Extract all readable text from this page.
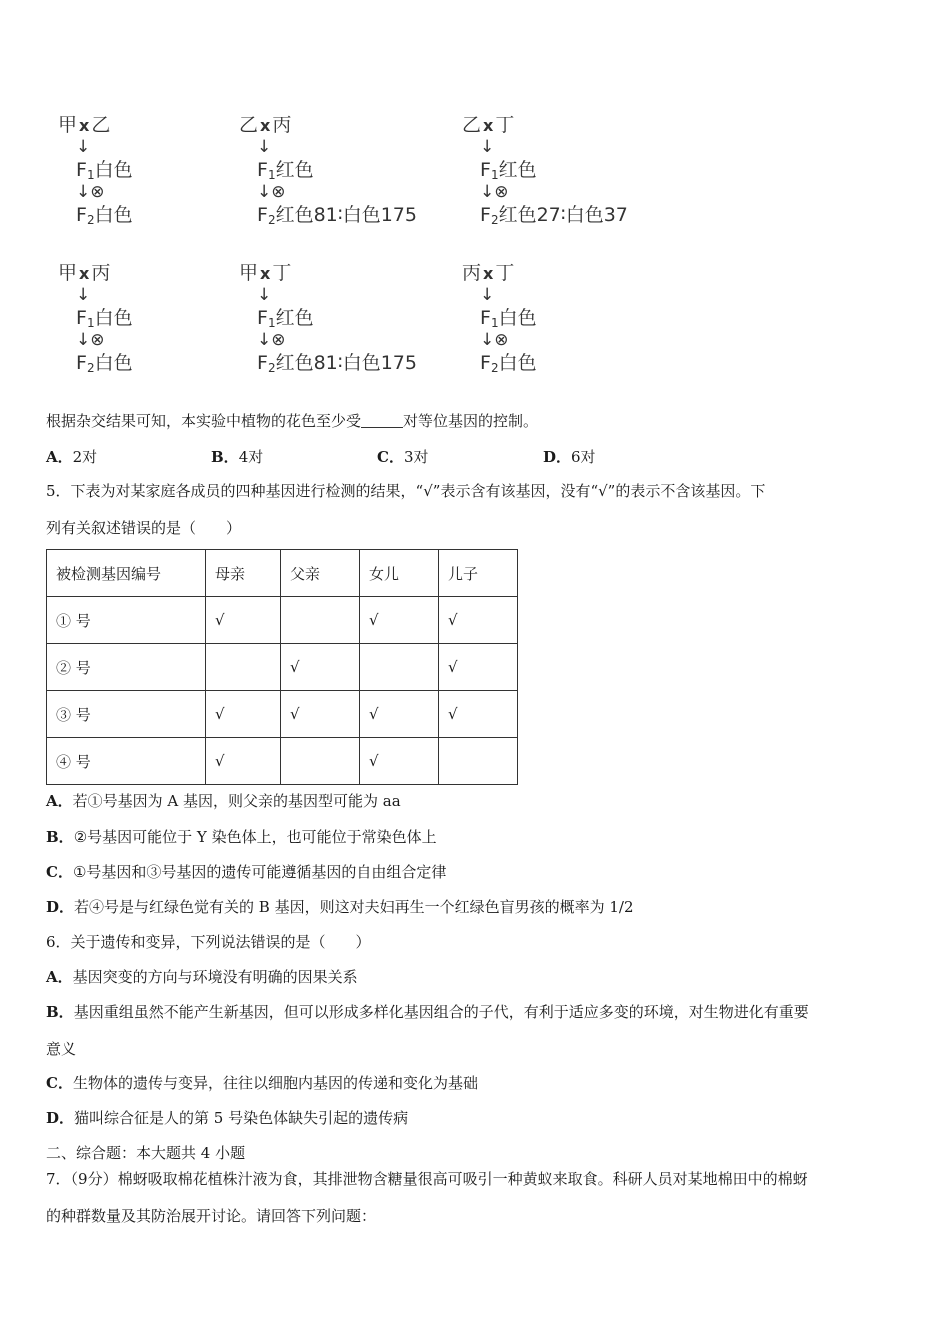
甲 x 乙
↓
$F_1$白色
↓⊗
$F_2$白色
乙 x 丙
↓
$F_1$红色
↓⊗
$F_2$红色81∶白色175
乙 x 丁
↓
$F_1$红色
↓⊗
$F_2$红色27∶白色37
甲 x 丙
↓
$F_1$白色
↓⊗
$F_2$白色
甲 x 丁
↓
$F_1$红色
↓⊗
$F_2$红色81∶白色175
丙 x 丁
↓
$F_1$白色
↓⊗
$F_2$白色
根据杂交结果可知，本实验中植物的花色至少受	对等位基因的控制。
A．2对	B．4对	C．3对	D．6对
5．下表为对某家庭各成员的四种基因进行检测的结果，“√”表示含有该基因，没有“√”的表示不含该基因。下
列有关叙述错误的是（　　）
被检测基因编号	母亲	父亲	女儿	儿子
① 号	√		√	√
② 号		√		√
③ 号	√	√	√	√
④ 号	√		√	
A．若①号基因为 A 基因，则父亲的基因型可能为 aa
B．②号基因可能位于 Y 染色体上，也可能位于常染色体上
C．①号基因和③号基因的遗传可能遵循基因的自由组合定律
D．若④号是与红绿色觉有关的 B 基因，则这对夫妇再生一个红绿色盲男孩的概率为 1/2
6．关于遗传和变异，下列说法错误的是（　　）
A．基因突变的方向与环境没有明确的因果关系
B．基因重组虽然不能产生新基因，但可以形成多样化基因组合的子代，有利于适应多变的环境，对生物进化有重要
意义
C．生物体的遗传与变异，往往以细胞内基因的传递和变化为基础
D．猫叫综合征是人的第 5 号染色体缺失引起的遗传病
二、综合题：本大题共 4 小题
7．（9分）棉蚜吸取棉花植株汁液为食，其排泄物含糖量很高可吸引一种黄蚁来取食。科研人员对某地棉田中的棉蚜
的种群数量及其防治展开讨论。请回答下列问题：
